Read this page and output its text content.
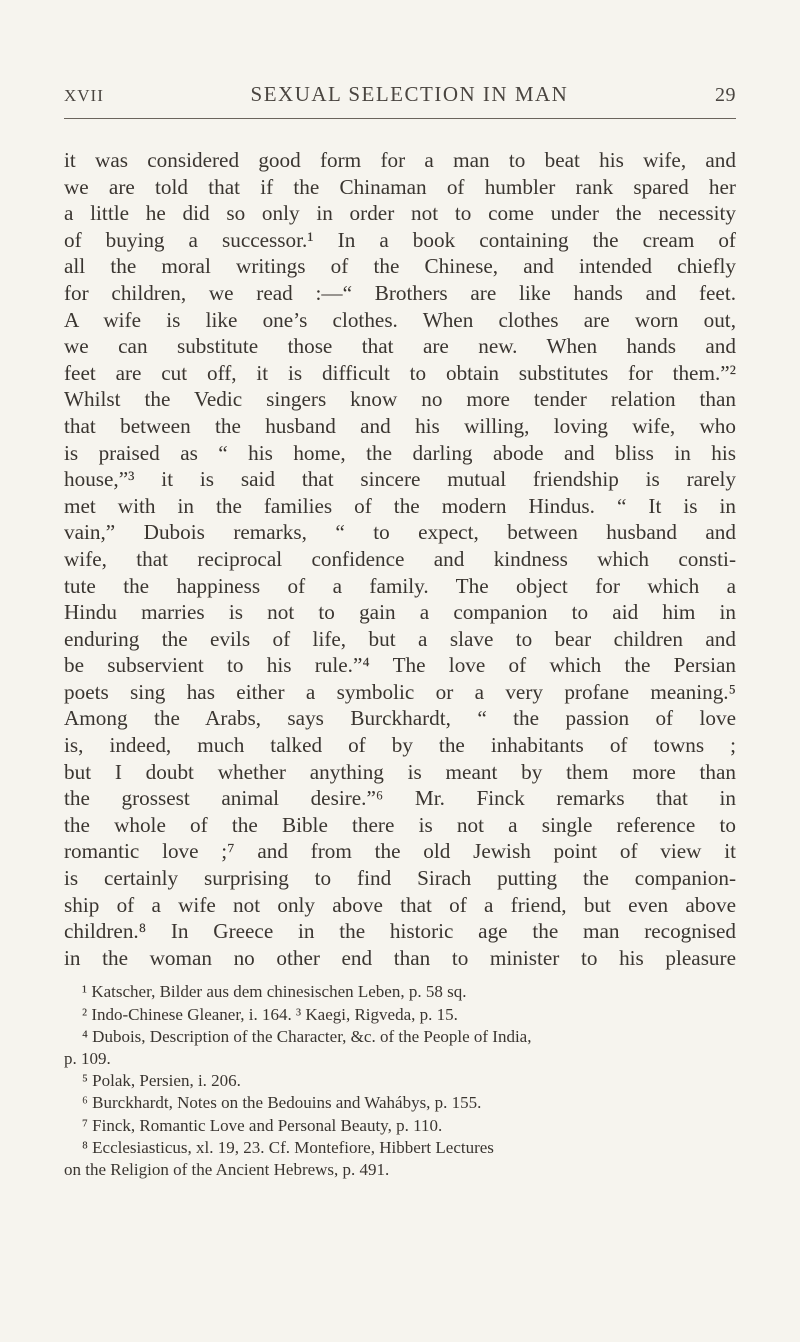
XVII	SEXUAL SELECTION IN MAN	29
it was considered good form for a man to beat his wife, and
we are told that if the Chinaman of humbler rank spared her
a little he did so only in order not to come under the necessity
of buying a successor.¹ In a book containing the cream of
all the moral writings of the Chinese, and intended chiefly
for children, we read :—“ Brothers are like hands and feet.
A wife is like one’s clothes. When clothes are worn out,
we can substitute those that are new. When hands and
feet are cut off, it is difficult to obtain substitutes for them.”²
Whilst the Vedic singers know no more tender relation than
that between the husband and his willing, loving wife, who
is praised as “ his home, the darling abode and bliss in his
house,”³ it is said that sincere mutual friendship is rarely
met with in the families of the modern Hindus. “ It is in
vain,” Dubois remarks, “ to expect, between husband and
wife, that reciprocal confidence and kindness which consti-
tute the happiness of a family. The object for which a
Hindu marries is not to gain a companion to aid him in
enduring the evils of life, but a slave to bear children and
be subservient to his rule.”⁴ The love of which the Persian
poets sing has either a symbolic or a very profane meaning.⁵
Among the Arabs, says Burckhardt, “ the passion of love
is, indeed, much talked of by the inhabitants of towns ;
but I doubt whether anything is meant by them more than
the grossest animal desire.”⁶ Mr. Finck remarks that in
the whole of the Bible there is not a single reference to
romantic love ;⁷ and from the old Jewish point of view it
is certainly surprising to find Sirach putting the companion-
ship of a wife not only above that of a friend, but even above
children.⁸ In Greece in the historic age the man recognised
in the woman no other end than to minister to his pleasure
¹ Katscher, Bilder aus dem chinesischen Leben, p. 58 sq.
² Indo-Chinese Gleaner, i. 164. ³ Kaegi, Rigveda, p. 15.
⁴ Dubois, Description of the Character, &c. of the People of India,
p. 109.
⁵ Polak, Persien, i. 206.
⁶ Burckhardt, Notes on the Bedouins and Wahábys, p. 155.
⁷ Finck, Romantic Love and Personal Beauty, p. 110.
⁸ Ecclesiasticus, xl. 19, 23. Cf. Montefiore, Hibbert Lectures
on the Religion of the Ancient Hebrews, p. 491.
